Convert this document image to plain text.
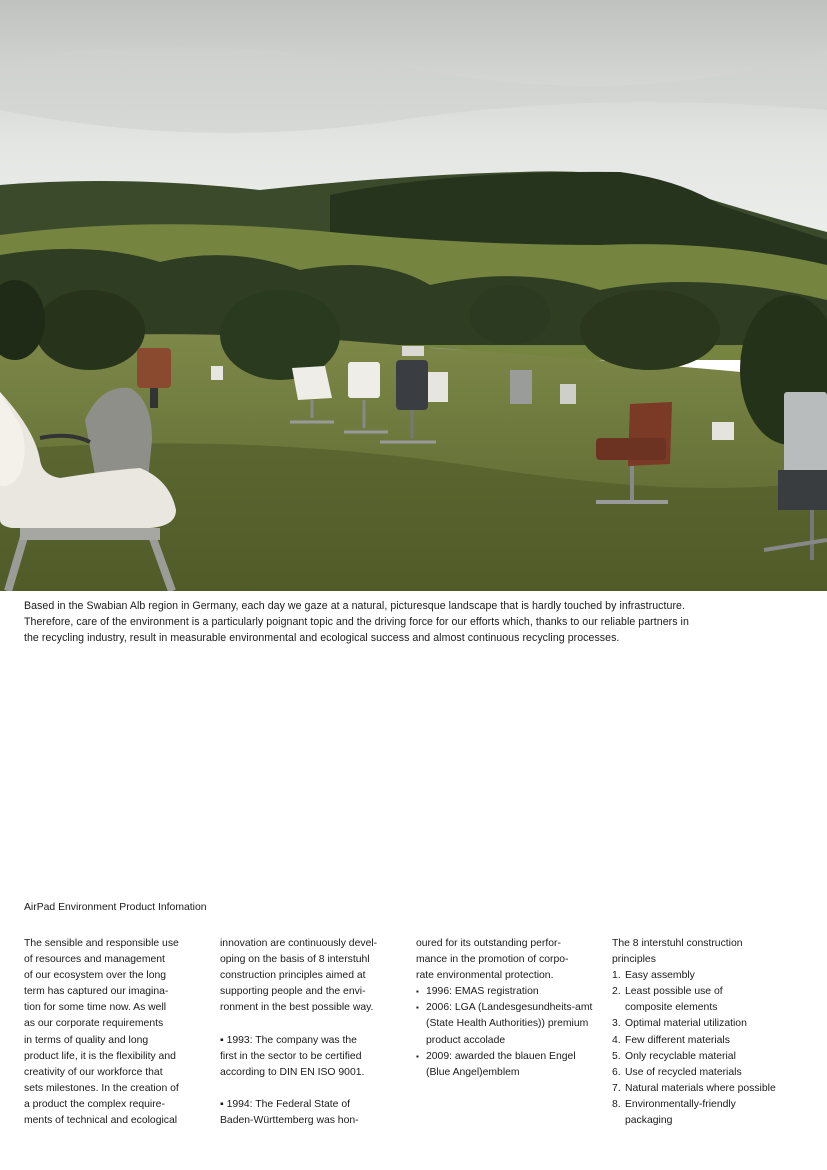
Based in the Swabian Alb region in Germany, each day we gaze at a natural, picturesque landscape that is hardly touched by infrastructure.

Therefore, care of the environment is a particularly poignant topic and the driving force for our efforts which, thanks to our reliable partners in

the recycling industry, result in measurable environmental and ecological success and almost continuous recycling processes.

AirPad Environment Product Infomation

The sensible and responsible use

of resources and management

of our ecosystem over the long

term has captured our imagina-

tion for some time now. As well

as our corporate requirements

in terms of quality and long

product life, it is the flexibility and

creativity of our workforce that

sets milestones. In the creation of

a product the complex require-

ments of technical and ecological

innovation are continuously devel-

oping on the basis of 8 interstuhl

construction principles aimed at

supporting people and the envi-

ronment in the best possible way.

▪ 1993: The company was the

first in the sector to be certified

according to DIN EN ISO 9001.

▪ 1994: The Federal State of

Baden-Württemberg was hon-

oured for its outstanding perfor-

mance in the promotion of corpo-

rate environmental protection.

▪ 1996: EMAS registration
▪ 2006: LGA (Landesgesundheits-amt (State Health Authorities)) premium product accolade
▪ 2009: awarded the blauen Engel (Blue Angel)emblem

The 8 interstuhl construction principles

1. Easy assembly
2. Least possible use of composite elements
3. Optimal material utilization
4. Few different materials
5. Only recyclable material
6. Use of recycled materials
7. Natural materials where possible
8. Environmentally-friendly packaging
